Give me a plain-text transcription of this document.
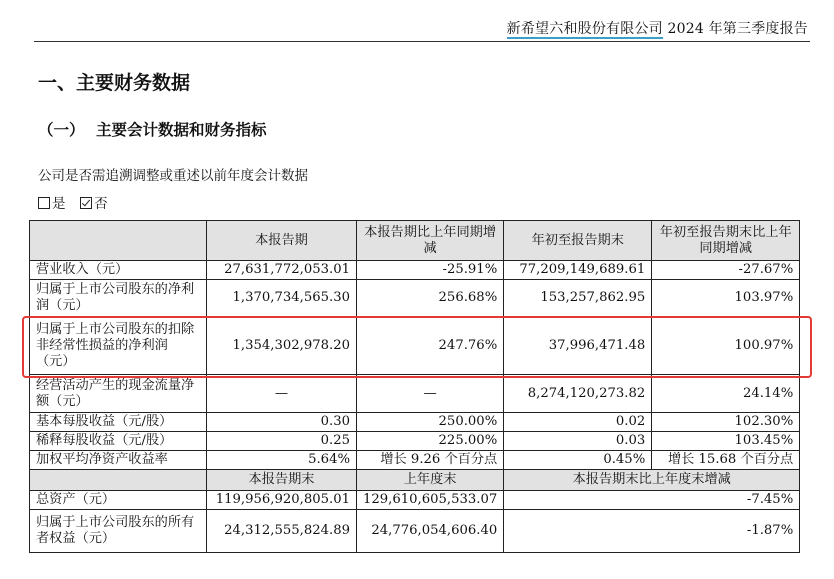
新希望六和股份有限公司 2024 年第三季度报告
一、主要财务数据
（一） 主要会计数据和财务指标
公司是否需追溯调整或重述以前年度会计数据
是 否
	本报告期	本报告期比上年同期增减	年初至报告期末	年初至报告期末比上年同期增减
营业收入（元）	27,631,772,053.01	-25.91%	77,209,149,689.61	-27.67%
归属于上市公司股东的净利润（元）	1,370,734,565.30	256.68%	153,257,862.95	103.97%
归属于上市公司股东的扣除非经常性损益的净利润（元）	1,354,302,978.20	247.76%	37,996,471.48	100.97%
经营活动产生的现金流量净额（元）	—	—	8,274,120,273.82	24.14%
基本每股收益（元/股）	0.30	250.00%	0.02	102.30%
稀释每股收益（元/股）	0.25	225.00%	0.03	103.45%
加权平均净资产收益率	5.64%	增长 9.26 个百分点	0.45%	增长 15.68 个百分点
	本报告期末	上年度末	本报告期末比上年度末增减	
总资产（元）	119,956,920,805.01	129,610,605,533.07	-7.45%	
归属于上市公司股东的所有者权益（元）	24,312,555,824.89	24,776,054,606.40	-1.87%	
